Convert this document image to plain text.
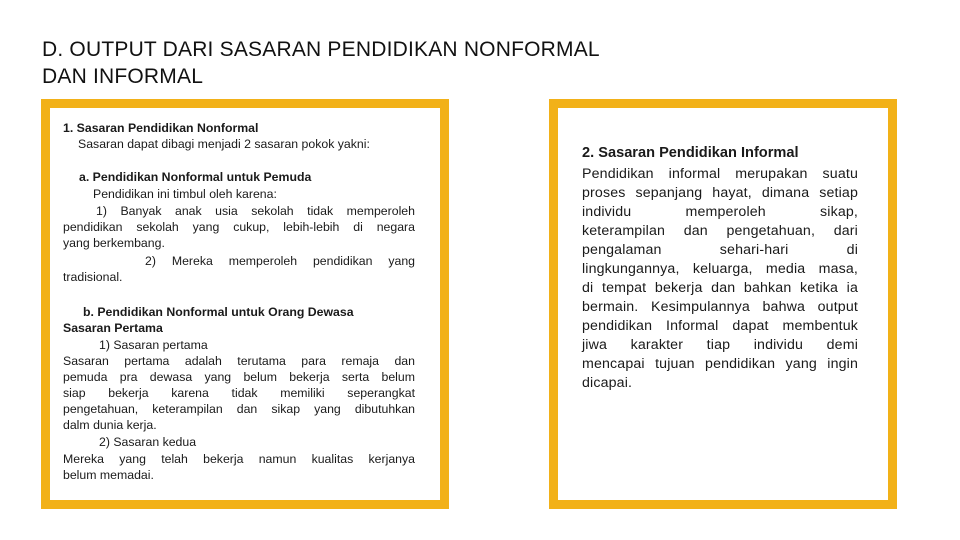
D. OUTPUT DARI SASARAN PENDIDIKAN NONFORMAL
DAN INFORMAL
1. Sasaran Pendidikan Nonformal
Sasaran dapat dibagi menjadi 2 sasaran pokok yakni:
a. Pendidikan Nonformal untuk Pemuda
Pendidikan ini timbul oleh karena:
1) Banyak anak usia sekolah tidak memperoleh
pendidikan sekolah yang cukup, lebih-lebih di negara
yang berkembang.
2) Mereka memperoleh pendidikan yang
tradisional.
b. Pendidikan Nonformal untuk Orang Dewasa
Sasaran Pertama
1) Sasaran pertama
Sasaran pertama adalah terutama para remaja dan
pemuda pra dewasa yang belum bekerja serta belum
siap bekerja karena tidak memiliki seperangkat
pengetahuan, keterampilan dan sikap yang dibutuhkan
dalm dunia kerja.
2) Sasaran kedua
Mereka yang telah bekerja namun kualitas kerjanya
belum memadai.
2. Sasaran Pendidikan Informal
Pendidikan informal merupakan suatu
proses sepanjang hayat, dimana setiap
individu memperoleh sikap,
keterampilan dan pengetahuan, dari
pengalaman sehari-hari di
lingkungannya, keluarga, media masa,
di tempat bekerja dan bahkan ketika ia
bermain. Kesimpulannya bahwa output
pendidikan Informal dapat membentuk
jiwa karakter tiap individu demi
mencapai tujuan pendidikan yang ingin
dicapai.
